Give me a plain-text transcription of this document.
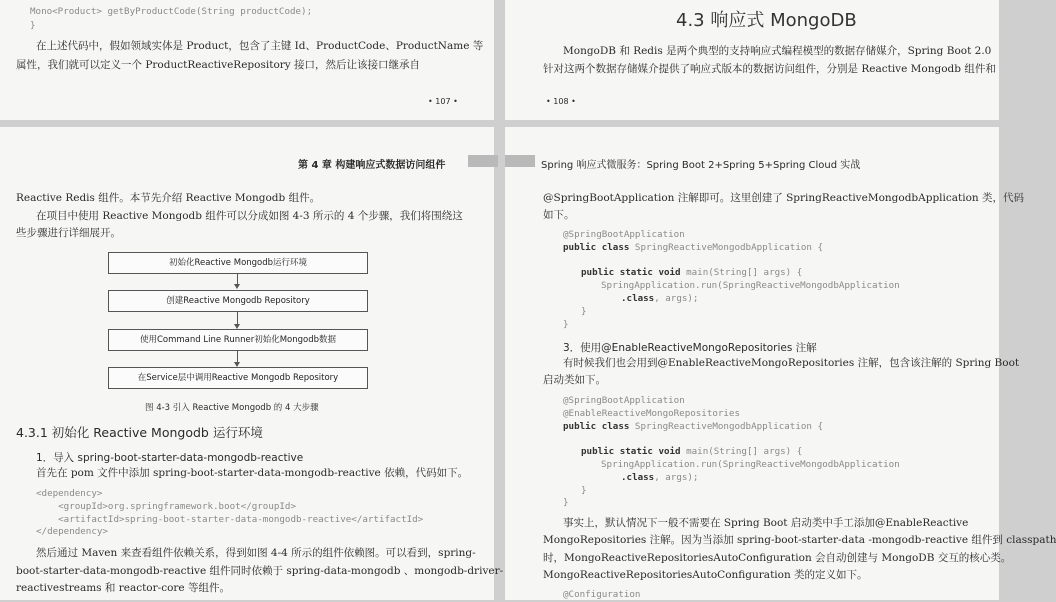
Mono<Product> getByProductCode(String productCode);
}
在上述代码中，假如领域实体是 Product，包含了主键 Id、ProductCode、ProductName 等
属性，我们就可以定义一个 ProductReactiveRepository 接口，然后让该接口继承自
• 107 •
4.3 响应式 MongoDB
MongoDB 和 Redis 是两个典型的支持响应式编程模型的数据存储媒介，Spring Boot 2.0
针对这两个数据存储媒介提供了响应式版本的数据访问组件，分别是 Reactive Mongodb 组件和
• 108 •
第 4 章 构建响应式数据访问组件
Reactive Redis 组件。本节先介绍 Reactive Mongodb 组件。
在项目中使用 Reactive Mongodb 组件可以分成如图 4-3 所示的 4 个步骤，我们将围绕这
些步骤进行详细展开。
初始化Reactive Mongodb运行环境
创建Reactive Mongodb Repository
使用Command Line Runner初始化Mongodb数据
在Service层中调用Reactive Mongodb Repository
图 4-3 引入 Reactive Mongodb 的 4 大步骤
4.3.1 初始化 Reactive Mongodb 运行环境
1．导入 spring-boot-starter-data-mongodb-reactive
首先在 pom 文件中添加 spring-boot-starter-data-mongodb-reactive 依赖，代码如下。
<dependency>
<groupId>org.springframework.boot</groupId>
<artifactId>spring-boot-starter-data-mongodb-reactive</artifactId>
</dependency>
然后通过 Maven 来查看组件依赖关系，得到如图 4-4 所示的组件依赖图。可以看到，spring-
boot-starter-data-mongodb-reactive 组件同时依赖于 spring-data-mongodb 、mongodb-driver-
reactivestreams 和 reactor-core 等组件。
Spring 响应式微服务：Spring Boot 2+Spring 5+Spring Cloud 实战
@SpringBootApplication 注解即可。这里创建了 SpringReactiveMongodbApplication 类，代码
如下。
@SpringBootApplication
public class SpringReactiveMongodbApplication {
public static void main(String[] args) {
SpringApplication.run(SpringReactiveMongodbApplication
.class, args);
}
}
3．使用@EnableReactiveMongoRepositories 注解
有时候我们也会用到@EnableReactiveMongoRepositories 注解，包含该注解的 Spring Boot
启动类如下。
@SpringBootApplication
@EnableReactiveMongoRepositories
public class SpringReactiveMongodbApplication {
public static void main(String[] args) {
SpringApplication.run(SpringReactiveMongodbApplication
.class, args);
}
}
事实上，默认情况下一般不需要在 Spring Boot 启动类中手工添加@EnableReactive
MongoRepositories 注解。因为当添加 spring-boot-starter-data -mongodb-reactive 组件到 classpath
时，MongoReactiveRepositoriesAutoConfiguration 会自动创建与 MongoDB 交互的核心类。
MongoReactiveRepositoriesAutoConfiguration 类的定义如下。
@Configuration
